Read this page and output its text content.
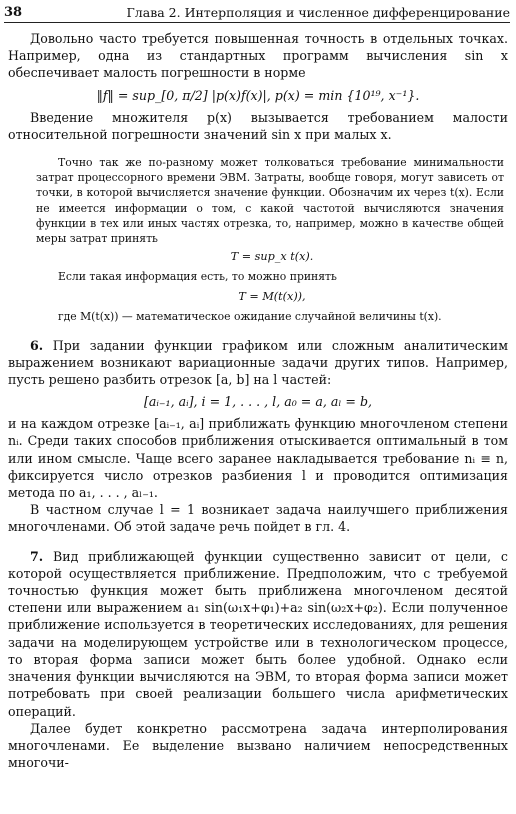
38	Глава 2. Интерполяция и численное дифференцирование

Довольно часто требуется повышенная точность в отдельных точках. Например, одна из стандартных программ вычисления sin x обеспечивает малость погрешности в норме

‖f‖ = sup_[0, π/2] |p(x)f(x)|, p(x) = min {10¹⁹, x⁻¹}.

Введение множителя p(x) вызывается требованием малости относительной погрешности значений sin x при малых x.

Точно так же по-разному может толковаться требование минимальности затрат процессорного времени ЭВМ. Затраты, вообще говоря, могут зависеть от точки, в которой вычисляется значение функции. Обозначим их через t(x). Если не имеется информации о том, с какой частотой вычисляются значения функции в тех или иных частях отрезка, то, например, можно в качестве общей меры затрат принять

T = sup_x t(x).

Если такая информация есть, то можно принять

T = M(t(x)),

где M(t(x)) — математическое ожидание случайной величины t(x).

6. При задании функции графиком или сложным аналитическим выражением возникают вариационные задачи других типов. Например, пусть решено разбить отрезок [a, b] на l частей:

[aᵢ₋₁, aᵢ], i = 1, . . . , l, a₀ = a, aₗ = b,

и на каждом отрезке [aᵢ₋₁, aᵢ] приближать функцию многочленом степени nᵢ. Среди таких способов приближения отыскивается оптимальный в том или ином смысле. Чаще всего заранее накладывается требование nᵢ ≡ n, фиксируется число отрезков разбиения l и проводится оптимизация метода по a₁, . . . , aₗ₋₁.

В частном случае l = 1 возникает задача наилучшего приближения многочленами. Об этой задаче речь пойдет в гл. 4.

7. Вид приближающей функции существенно зависит от цели, с которой осуществляется приближение. Предположим, что с требуемой точностью функция может быть приближена многочленом десятой степени или выражением a₁ sin(ω₁x+φ₁)+a₂ sin(ω₂x+φ₂). Если полученное приближение используется в теоретических исследованиях, для решения задачи на моделирующем устройстве или в технологическом процессе, то вторая форма записи может быть более удобной. Однако если значения функции вычисляются на ЭВМ, то вторая форма записи может потребовать при своей реализации большего числа арифметических операций.

Далее будет конкретно рассмотрена задача интерполирования многочленами. Ее выделение вызвано наличием непосредственных многочи-
